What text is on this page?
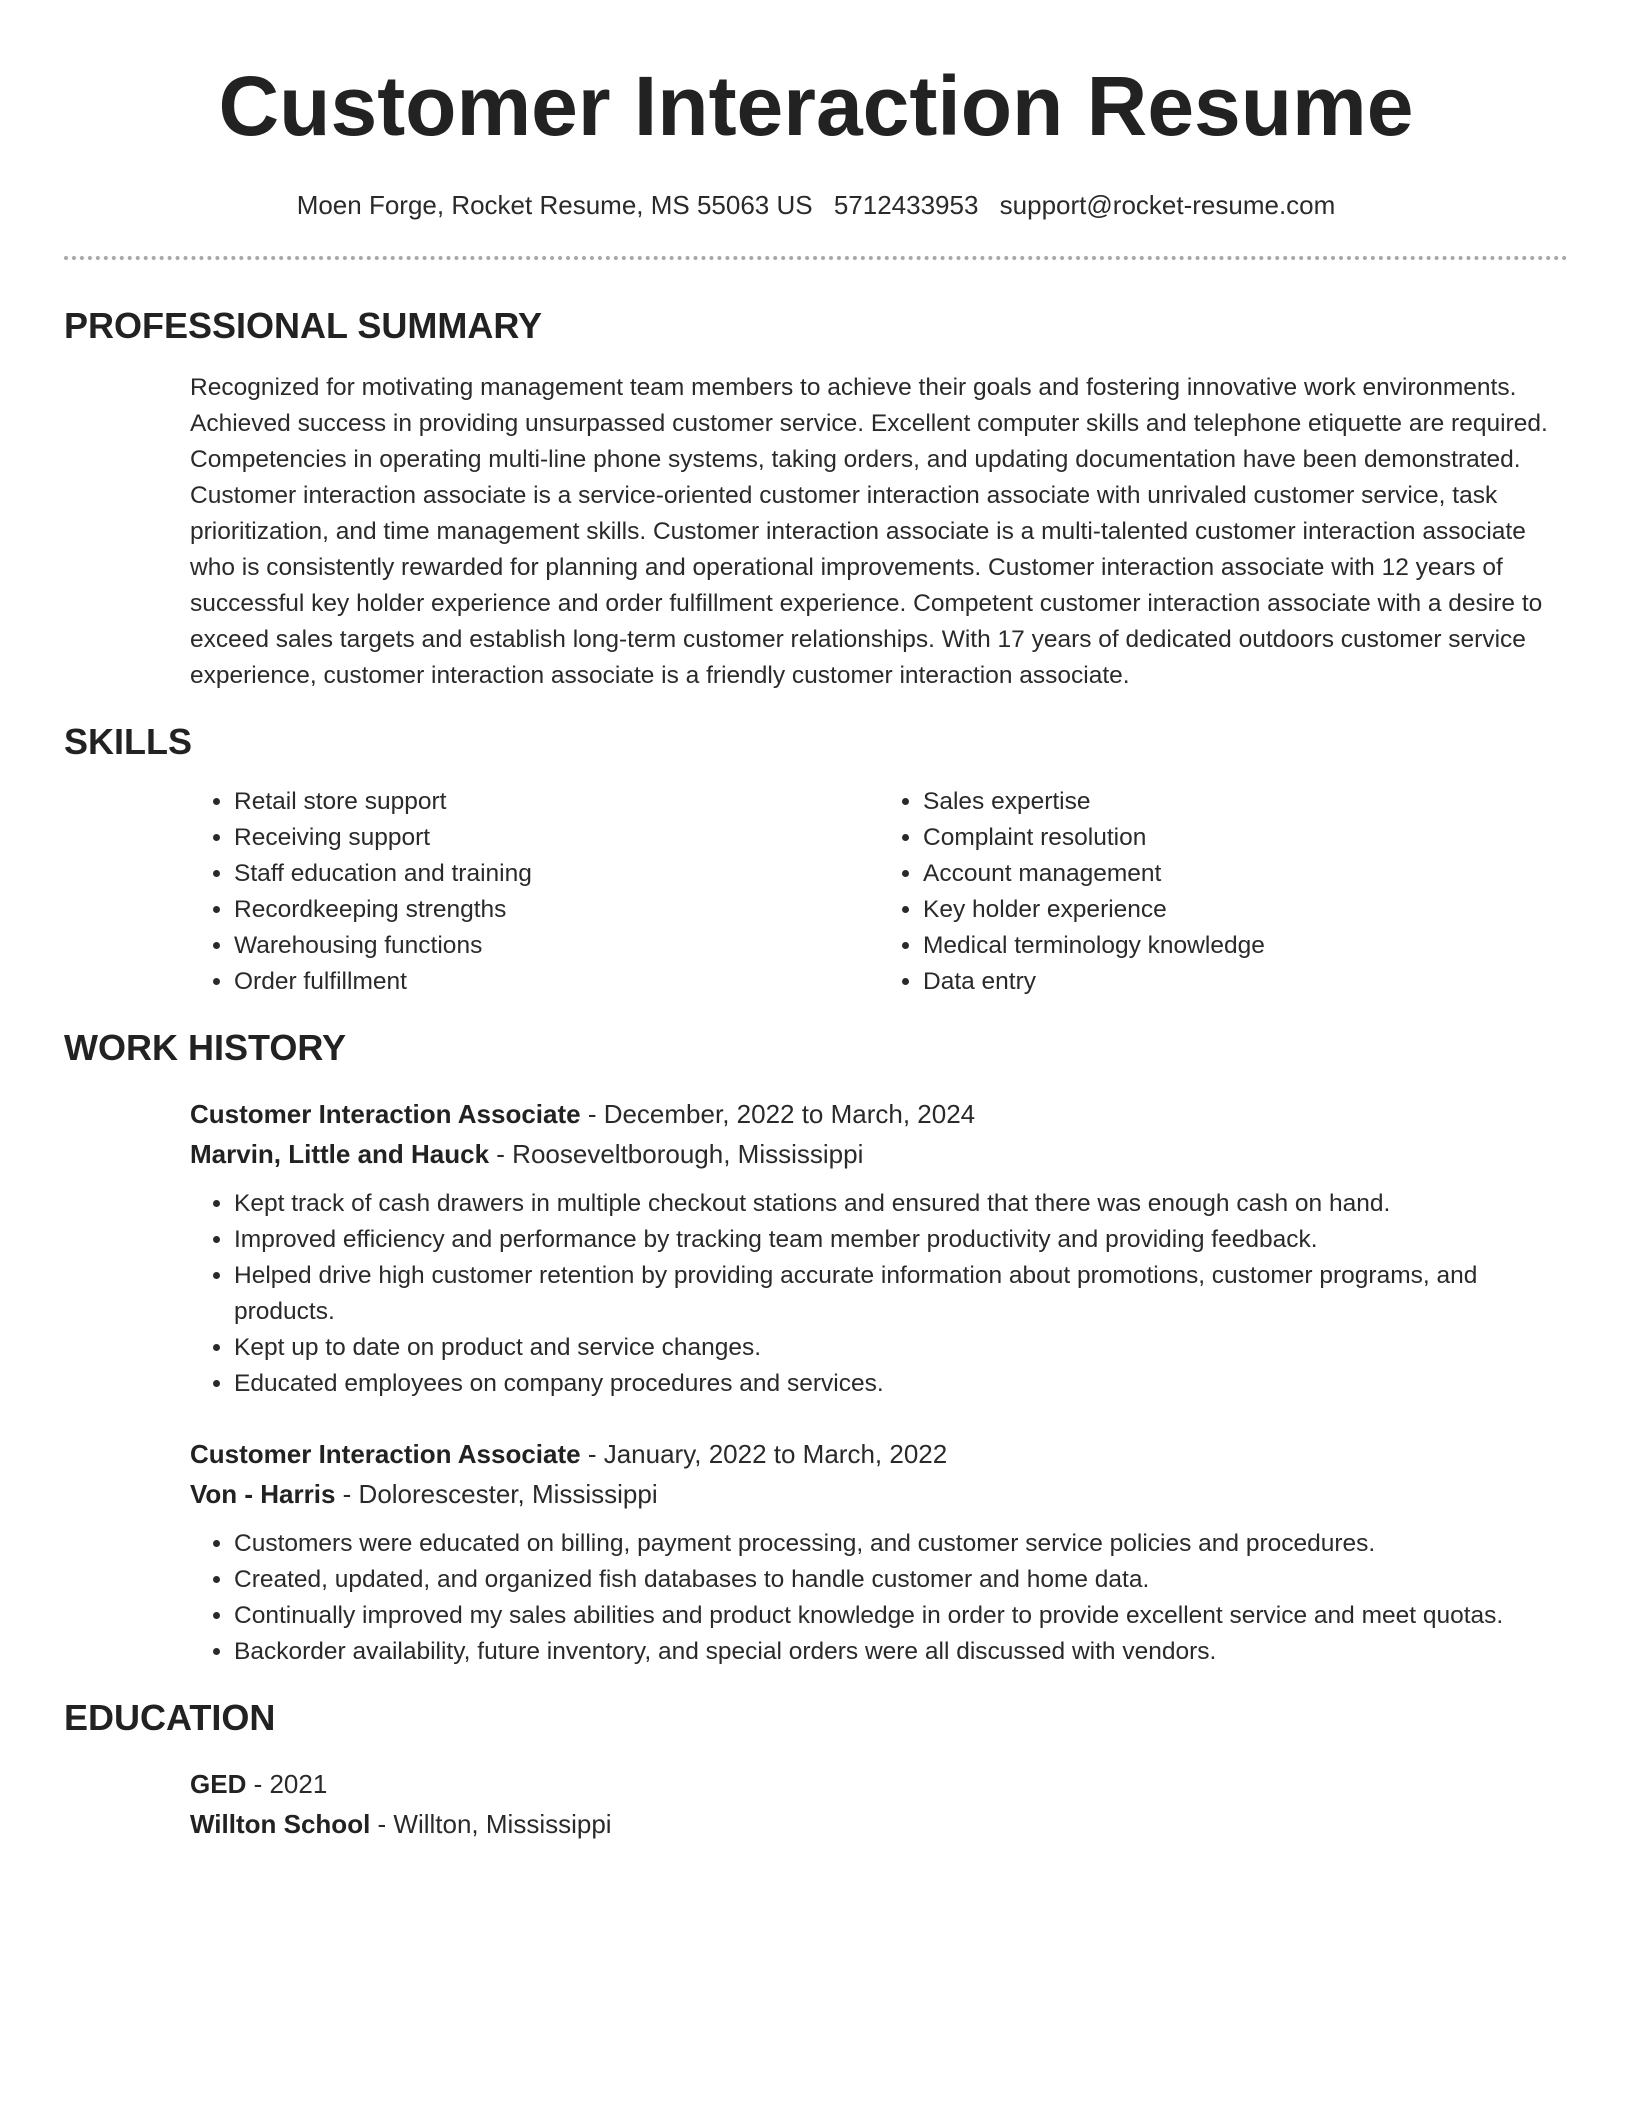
Customer Interaction Resume
Moen Forge, Rocket Resume, MS 55063 US 5712433953 support@rocket-resume.com
PROFESSIONAL SUMMARY

Recognized for motivating management team members to achieve their goals and fostering innovative work environments. Achieved success in providing unsurpassed customer service. Excellent computer skills and telephone etiquette are required. Competencies in operating multi-line phone systems, taking orders, and updating documentation have been demonstrated. Customer interaction associate is a service-oriented customer interaction associate with unrivaled customer service, task prioritization, and time management skills. Customer interaction associate is a multi-talented customer interaction associate who is consistently rewarded for planning and operational improvements. Customer interaction associate with 12 years of successful key holder experience and order fulfillment experience. Competent customer interaction associate with a desire to exceed sales targets and establish long-term customer relationships. With 17 years of dedicated outdoors customer service experience, customer interaction associate is a friendly customer interaction associate.

SKILLS
• Retail store support
• Receiving support
• Staff education and training
• Recordkeeping strengths
• Warehousing functions
• Order fulfillment
• Sales expertise
• Complaint resolution
• Account management
• Key holder experience
• Medical terminology knowledge
• Data entry
WORK HISTORY
Customer Interaction Associate - December, 2022 to March, 2024
Marvin, Little and Hauck - Rooseveltborough, Mississippi
• Kept track of cash drawers in multiple checkout stations and ensured that there was enough cash on hand.
• Improved efficiency and performance by tracking team member productivity and providing feedback.
• Helped drive high customer retention by providing accurate information about promotions, customer programs, and products.
• Kept up to date on product and service changes.
• Educated employees on company procedures and services.
Customer Interaction Associate - January, 2022 to March, 2022
Von - Harris - Dolorescester, Mississippi
• Customers were educated on billing, payment processing, and customer service policies and procedures.
• Created, updated, and organized fish databases to handle customer and home data.
• Continually improved my sales abilities and product knowledge in order to provide excellent service and meet quotas.
• Backorder availability, future inventory, and special orders were all discussed with vendors.
EDUCATION
GED - 2021
Willton School - Willton, Mississippi
